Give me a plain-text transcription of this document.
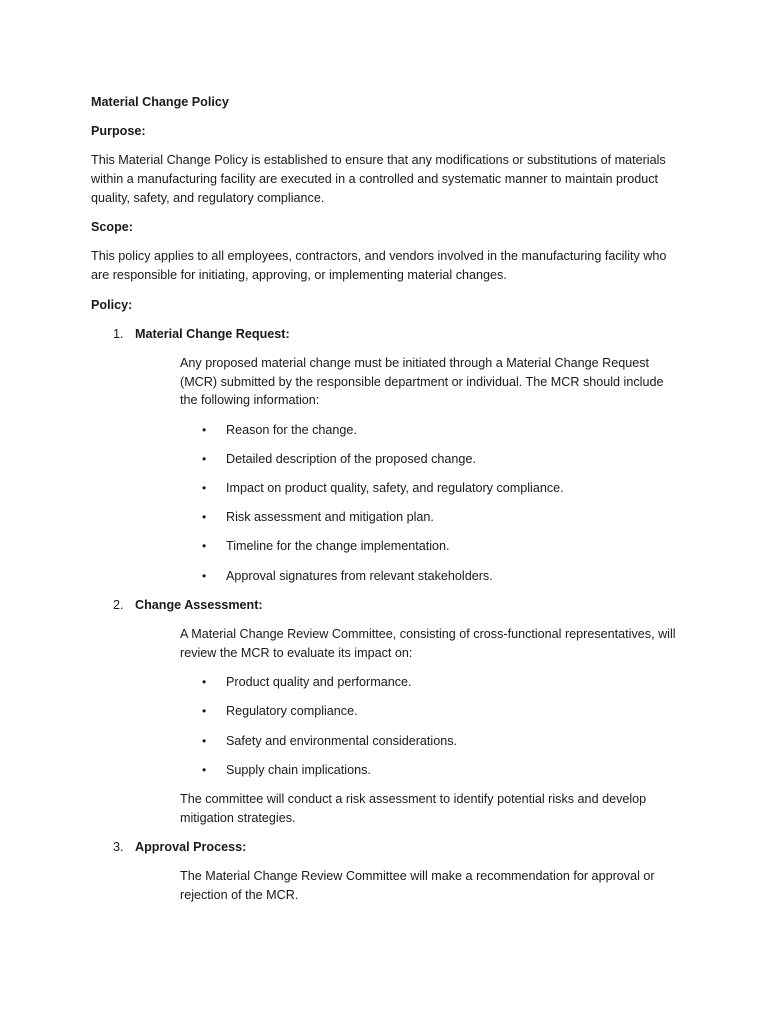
Material Change Policy

Purpose:

This Material Change Policy is established to ensure that any modifications or substitutions of materials within a manufacturing facility are executed in a controlled and systematic manner to maintain product quality, safety, and regulatory compliance.

Scope:

This policy applies to all employees, contractors, and vendors involved in the manufacturing facility who are responsible for initiating, approving, or implementing material changes.

Policy:

1. Material Change Request:

Any proposed material change must be initiated through a Material Change Request (MCR) submitted by the responsible department or individual. The MCR should include the following information:

• Reason for the change.
• Detailed description of the proposed change.
• Impact on product quality, safety, and regulatory compliance.
• Risk assessment and mitigation plan.
• Timeline for the change implementation.
• Approval signatures from relevant stakeholders.
2. Change Assessment:

A Material Change Review Committee, consisting of cross-functional representatives, will review the MCR to evaluate its impact on:

• Product quality and performance.
• Regulatory compliance.
• Safety and environmental considerations.
• Supply chain implications.

The committee will conduct a risk assessment to identify potential risks and develop mitigation strategies.

3. Approval Process:

The Material Change Review Committee will make a recommendation for approval or rejection of the MCR.
